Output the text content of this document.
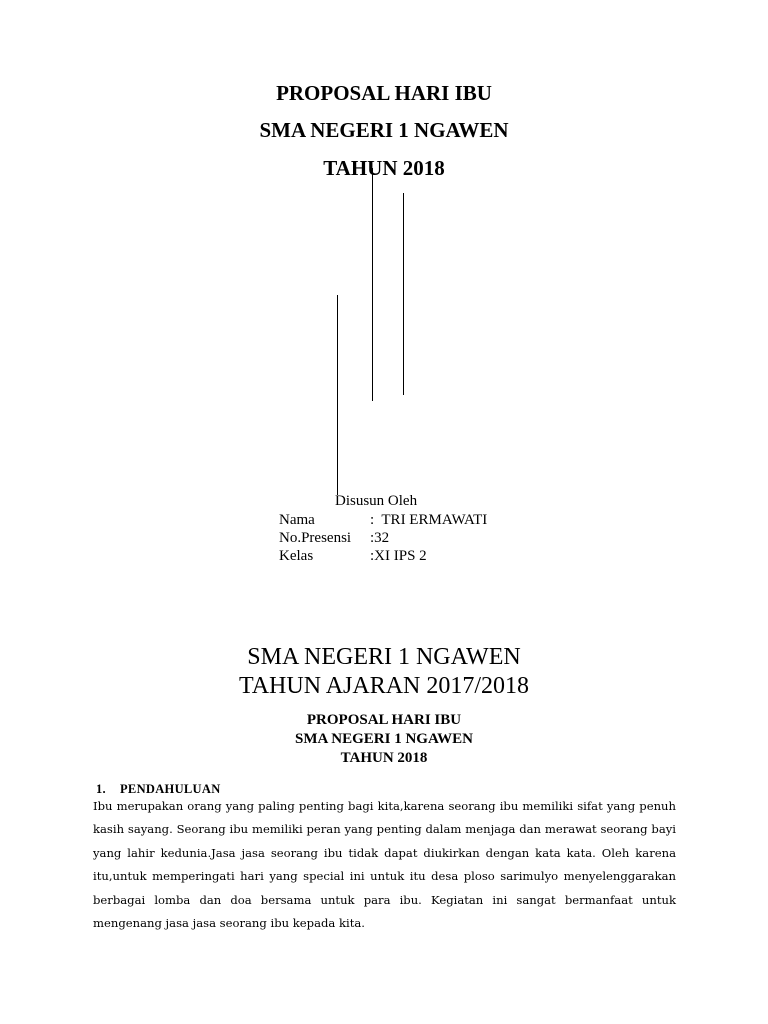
PROPOSAL HARI IBU
SMA NEGERI 1 NGAWEN
TAHUN 2018
Disusun Oleh
Nama	:  TRI ERMAWATI
No.Presensi :32
Kelas	:XI IPS 2
SMA NEGERI 1 NGAWEN
TAHUN AJARAN 2017/2018
PROPOSAL HARI IBU
SMA NEGERI 1 NGAWEN
TAHUN 2018
1. PENDAHULUAN

Ibu merupakan orang yang paling penting bagi kita,karena seorang ibu memiliki sifat yang penuh kasih sayang. Seorang ibu memiliki peran yang penting dalam menjaga dan merawat seorang bayi yang lahir kedunia.Jasa jasa seorang ibu tidak dapat diukirkan dengan kata kata. Oleh karena itu,untuk memperingati hari yang special ini untuk itu desa ploso sarimulyo menyelenggarakan berbagai lomba dan doa bersama untuk para ibu. Kegiatan ini sangat bermanfaat untuk mengenang jasa jasa seorang ibu kepada kita.
